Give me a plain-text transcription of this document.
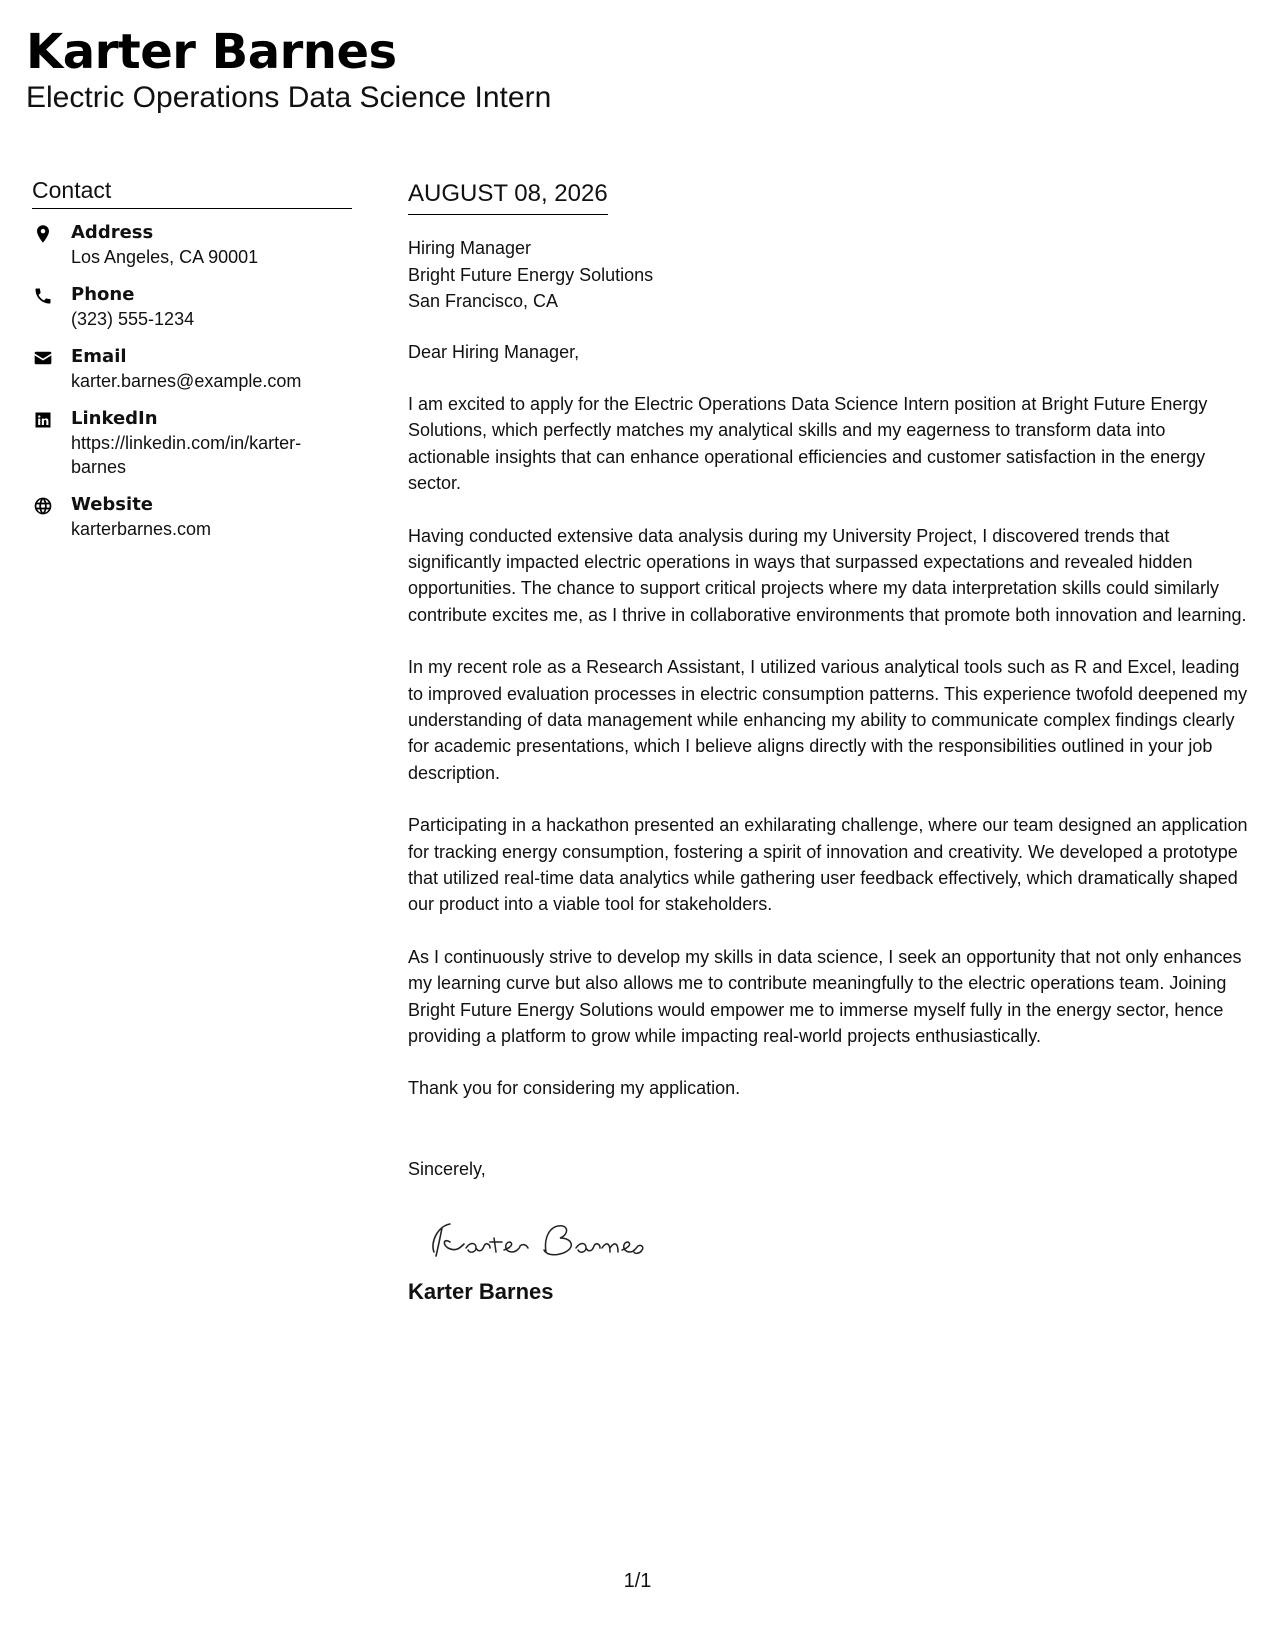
Karter Barnes
Electric Operations Data Science Intern
Contact
Address
Los Angeles, CA 90001
Phone
(323) 555-1234
Email
karter.barnes@example.com
LinkedIn
https://linkedin.com/in/karter-barnes
Website
karterbarnes.com
AUGUST 08, 2026
Hiring Manager
Bright Future Energy Solutions
San Francisco, CA
Dear Hiring Manager,
I am excited to apply for the Electric Operations Data Science Intern position at Bright Future Energy Solutions, which perfectly matches my analytical skills and my eagerness to transform data into actionable insights that can enhance operational efficiencies and customer satisfaction in the energy sector.
Having conducted extensive data analysis during my University Project, I discovered trends that significantly impacted electric operations in ways that surpassed expectations and revealed hidden opportunities. The chance to support critical projects where my data interpretation skills could similarly contribute excites me, as I thrive in collaborative environments that promote both innovation and learning.
In my recent role as a Research Assistant, I utilized various analytical tools such as R and Excel, leading to improved evaluation processes in electric consumption patterns. This experience twofold deepened my understanding of data management while enhancing my ability to communicate complex findings clearly for academic presentations, which I believe aligns directly with the responsibilities outlined in your job description.
Participating in a hackathon presented an exhilarating challenge, where our team designed an application for tracking energy consumption, fostering a spirit of innovation and creativity. We developed a prototype that utilized real-time data analytics while gathering user feedback effectively, which dramatically shaped our product into a viable tool for stakeholders.
As I continuously strive to develop my skills in data science, I seek an opportunity that not only enhances my learning curve but also allows me to contribute meaningfully to the electric operations team. Joining Bright Future Energy Solutions would empower me to immerse myself fully in the energy sector, hence providing a platform to grow while impacting real-world projects enthusiastically.
Thank you for considering my application.
Sincerely,
Karter Barnes
1/1
